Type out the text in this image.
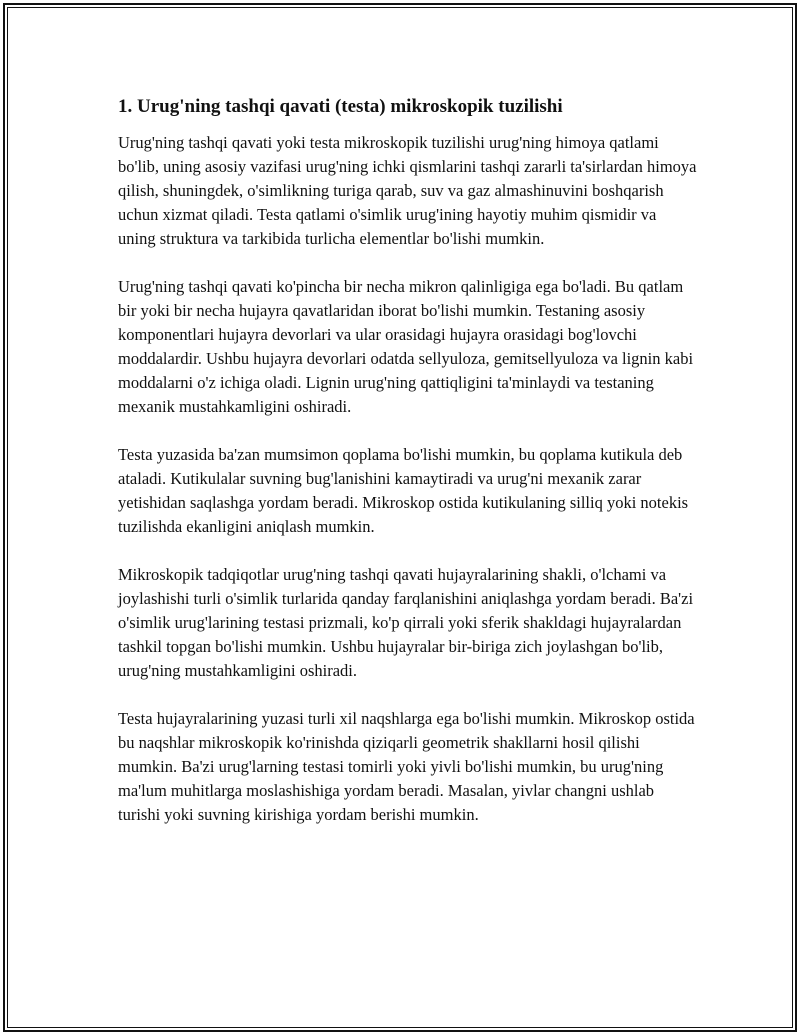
1. Urug'ning tashqi qavati (testa) mikroskopik tuzilishi

Urug'ning tashqi qavati yoki testa mikroskopik tuzilishi urug'ning himoya qatlami bo'lib, uning asosiy vazifasi urug'ning ichki qismlarini tashqi zararli ta'sirlardan himoya qilish, shuningdek, o'simlikning turiga qarab, suv va gaz almashinuvini boshqarish uchun xizmat qiladi. Testa qatlami o'simlik urug'ining hayotiy muhim qismidir va uning struktura va tarkibida turlicha elementlar bo'lishi mumkin.

Urug'ning tashqi qavati ko'pincha bir necha mikron qalinligiga ega bo'ladi. Bu qatlam bir yoki bir necha hujayra qavatlaridan iborat bo'lishi mumkin. Testaning asosiy komponentlari hujayra devorlari va ular orasidagi hujayra orasidagi bog'lovchi moddalardir. Ushbu hujayra devorlari odatda sellyuloza, gemitsellyuloza va lignin kabi moddalarni o'z ichiga oladi. Lignin urug'ning qattiqligini ta'minlaydi va testaning mexanik mustahkamligini oshiradi.

Testa yuzasida ba'zan mumsimon qoplama bo'lishi mumkin, bu qoplama kutikula deb ataladi. Kutikulalar suvning bug'lanishini kamaytiradi va urug'ni mexanik zarar yetishidan saqlashga yordam beradi. Mikroskop ostida kutikulaning silliq yoki notekis tuzilishda ekanligini aniqlash mumkin.

Mikroskopik tadqiqotlar urug'ning tashqi qavati hujayralarining shakli, o'lchami va joylashishi turli o'simlik turlarida qanday farqlanishini aniqlashga yordam beradi. Ba'zi o'simlik urug'larining testasi prizmali, ko'p qirrali yoki sferik shakldagi hujayralardan tashkil topgan bo'lishi mumkin. Ushbu hujayralar bir-biriga zich joylashgan bo'lib, urug'ning mustahkamligini oshiradi.

Testa hujayralarining yuzasi turli xil naqshlarga ega bo'lishi mumkin. Mikroskop ostida bu naqshlar mikroskopik ko'rinishda qiziqarli geometrik shakllarni hosil qilishi mumkin. Ba'zi urug'larning testasi tomirli yoki yivli bo'lishi mumkin, bu urug'ning ma'lum muhitlarga moslashishiga yordam beradi. Masalan, yivlar changni ushlab turishi yoki suvning kirishiga yordam berishi mumkin.
